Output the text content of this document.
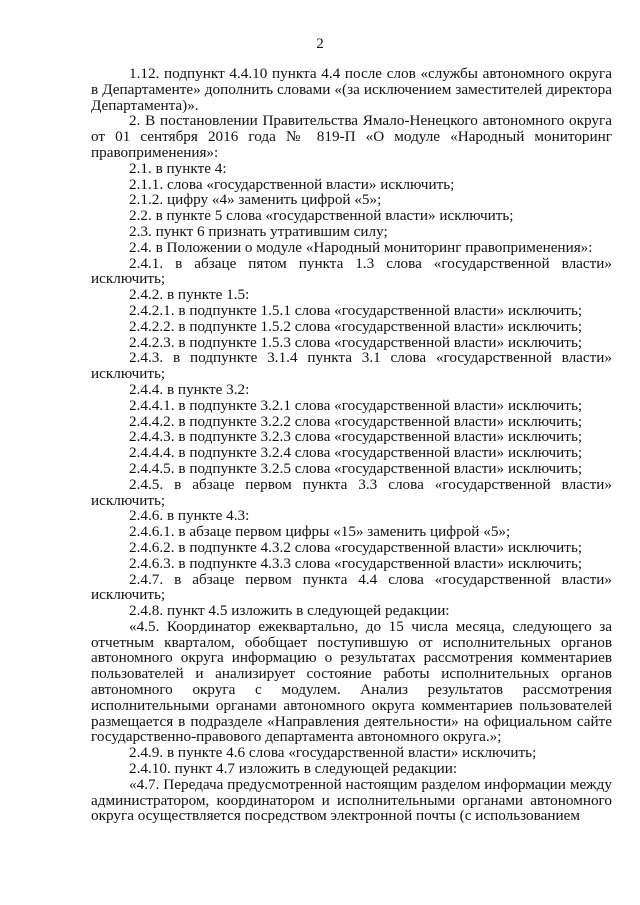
2

1.12. подпункт 4.4.10 пункта 4.4 после слов «службы автономного округа в Департаменте» дополнить словами «(за исключением заместителей директора Департамента)».

2. В постановлении Правительства Ямало-Ненецкого автономного округа от 01 сентября 2016 года № 819-П «О модуле «Народный мониторинг правоприменения»:

2.1. в пункте 4:

2.1.1. слова «государственной власти» исключить;

2.1.2. цифру «4» заменить цифрой «5»;

2.2. в пункте 5 слова «государственной власти» исключить;

2.3. пункт 6 признать утратившим силу;

2.4. в Положении о модуле «Народный мониторинг правоприменения»:

2.4.1. в абзаце пятом пункта 1.3 слова «государственной власти» исключить;

2.4.2. в пункте 1.5:

2.4.2.1. в подпункте 1.5.1 слова «государственной власти» исключить;

2.4.2.2. в подпункте 1.5.2 слова «государственной власти» исключить;

2.4.2.3. в подпункте 1.5.3 слова «государственной власти» исключить;

2.4.3. в подпункте 3.1.4 пункта 3.1 слова «государственной власти» исключить;

2.4.4. в пункте 3.2:

2.4.4.1. в подпункте 3.2.1 слова «государственной власти» исключить;

2.4.4.2. в подпункте 3.2.2 слова «государственной власти» исключить;

2.4.4.3. в подпункте 3.2.3 слова «государственной власти» исключить;

2.4.4.4. в подпункте 3.2.4 слова «государственной власти» исключить;

2.4.4.5. в подпункте 3.2.5 слова «государственной власти» исключить;

2.4.5. в абзаце первом пункта 3.3 слова «государственной власти» исключить;

2.4.6. в пункте 4.3:

2.4.6.1. в абзаце первом цифры «15» заменить цифрой «5»;

2.4.6.2. в подпункте 4.3.2 слова «государственной власти» исключить;

2.4.6.3. в подпункте 4.3.3 слова «государственной власти» исключить;

2.4.7. в абзаце первом пункта 4.4 слова «государственной власти» исключить;

2.4.8. пункт 4.5 изложить в следующей редакции:

«4.5. Координатор ежеквартально, до 15 числа месяца, следующего за отчетным кварталом, обобщает поступившую от исполнительных органов автономного округа информацию о результатах рассмотрения комментариев пользователей и анализирует состояние работы исполнительных органов автономного округа с модулем. Анализ результатов рассмотрения исполнительными органами автономного округа комментариев пользователей размещается в подразделе «Направления деятельности» на официальном сайте государственно-правового департамента автономного округа.»;

2.4.9. в пункте 4.6 слова «государственной власти» исключить;

2.4.10. пункт 4.7 изложить в следующей редакции:

«4.7. Передача предусмотренной настоящим разделом информации между администратором, координатором и исполнительными органами автономного округа осуществляется посредством электронной почты (с использованием
